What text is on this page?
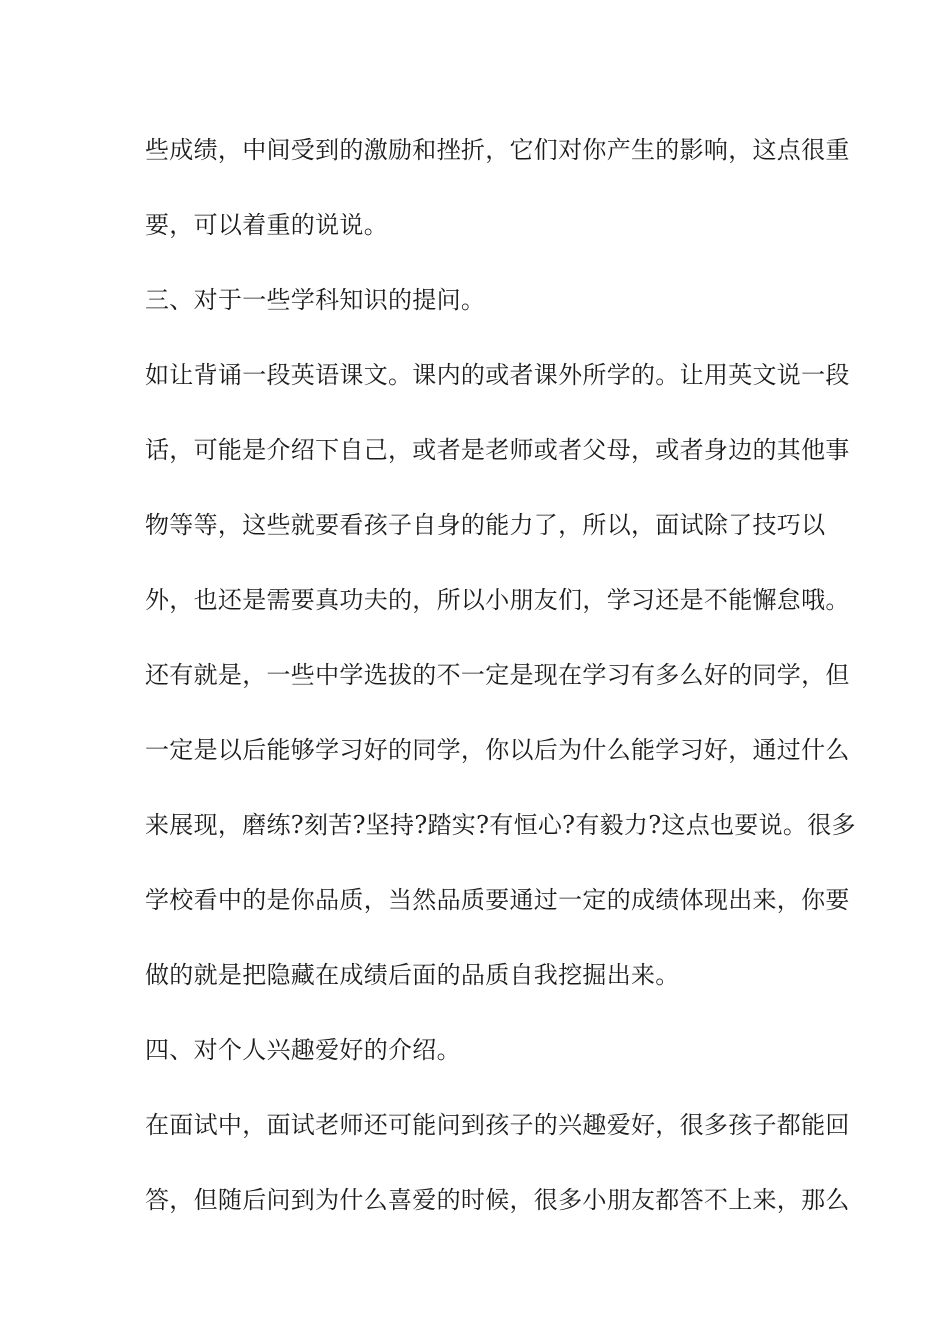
些成绩，中间受到的激励和挫折，它们对你产生的影响，这点很重

要，可以着重的说说。

三、对于一些学科知识的提问。

如让背诵一段英语课文。课内的或者课外所学的。让用英文说一段

话，可能是介绍下自己，或者是老师或者父母，或者身边的其他事

物等等，这些就要看孩子自身的能力了，所以，面试除了技巧以

外，也还是需要真功夫的，所以小朋友们，学习还是不能懈怠哦。

还有就是，一些中学选拔的不一定是现在学习有多么好的同学，但

一定是以后能够学习好的同学，你以后为什么能学习好，通过什么

来展现，磨练?刻苦?坚持?踏实?有恒心?有毅力?这点也要说。很多

学校看中的是你品质，当然品质要通过一定的成绩体现出来，你要

做的就是把隐藏在成绩后面的品质自我挖掘出来。

四、对个人兴趣爱好的介绍。

在面试中，面试老师还可能问到孩子的兴趣爱好，很多孩子都能回

答，但随后问到为什么喜爱的时候，很多小朋友都答不上来，那么
